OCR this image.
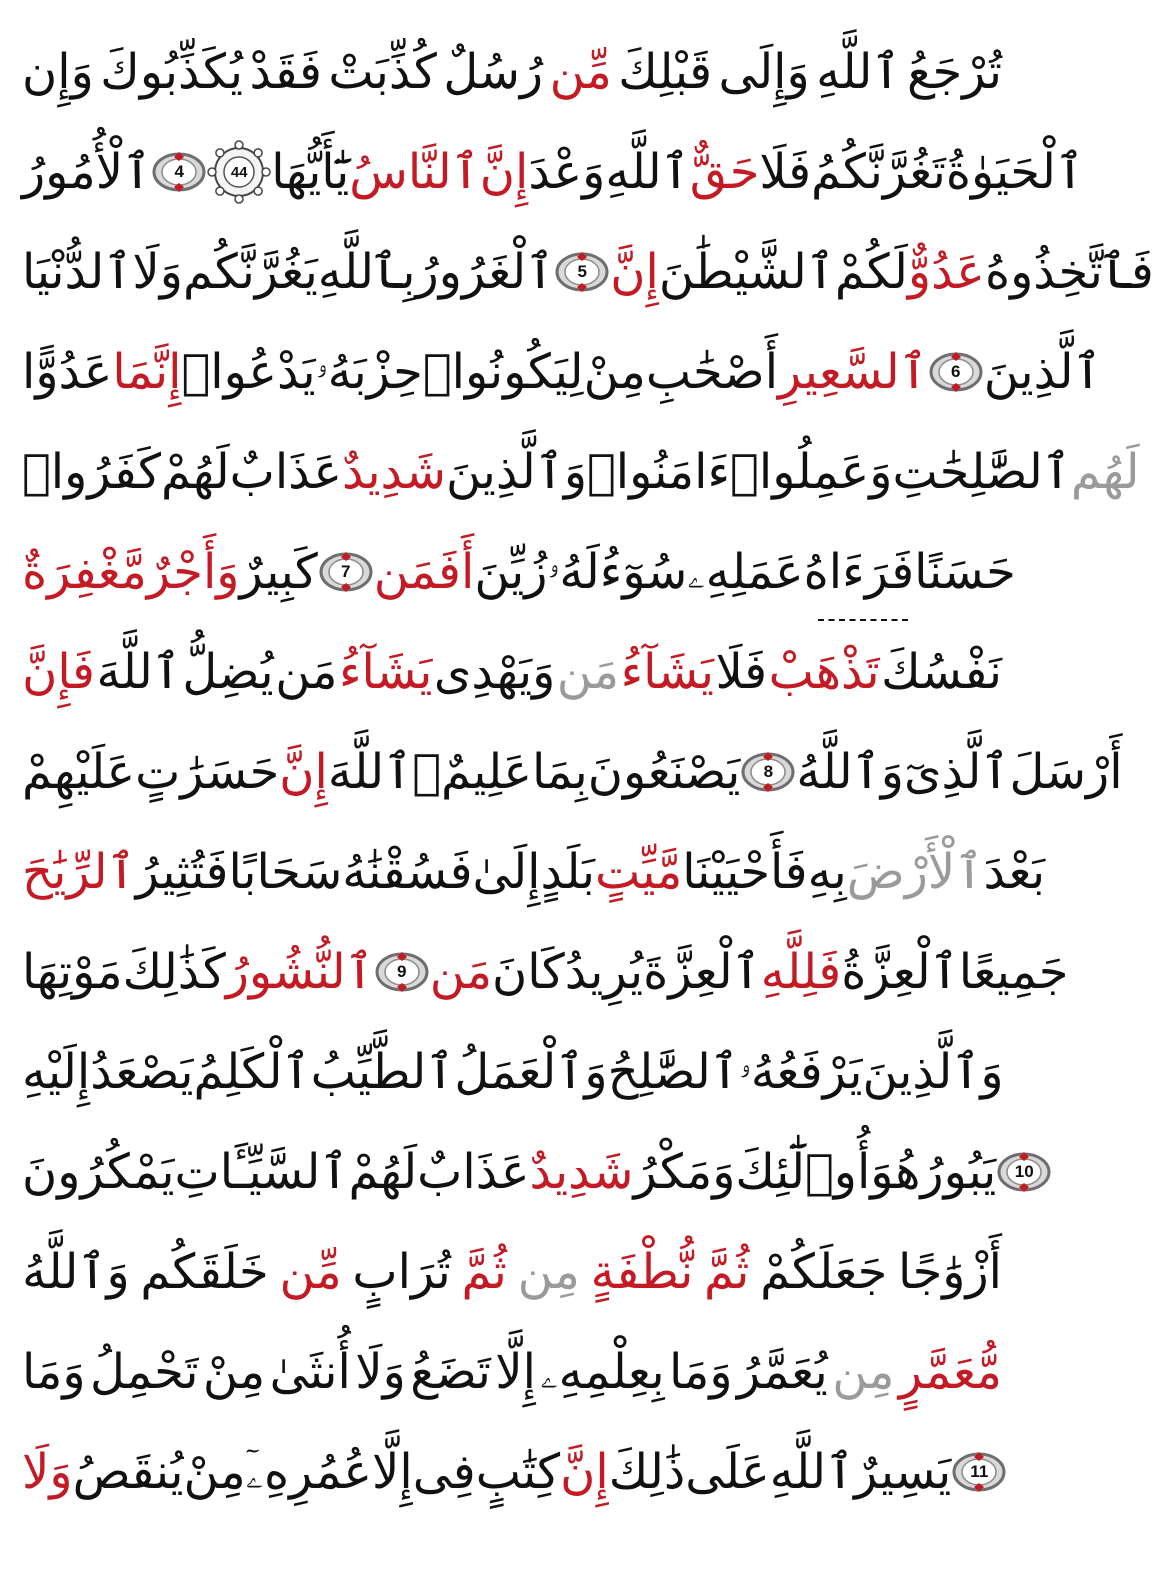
وَإِن يُكَذِّبُوكَ فَقَدْ كُذِّبَتْ رُسُلٌ مِّن قَبْلِكَ وَإِلَى ٱللَّهِ تُرْجَعُ
ٱلْأُمُورُ	4	44 يَٰٓأَيُّهَا ٱلنَّاسُ إِنَّ وَعْدَ ٱللَّهِ حَقٌّ فَلَا تَغُرَّنَّكُمُ ٱلْحَيَوٰةُ
ٱلدُّنْيَا وَلَا يَغُرَّنَّكُم بِٱللَّهِ ٱلْغَرُورُ	5 إِنَّ ٱلشَّيْطَٰنَ لَكُمْ عَدُوٌّ فَٱتَّخِذُوهُ
عَدُوًّا إِنَّمَا يَدْعُوا۟ حِزْبَهُۥ لِيَكُونُوا۟ مِنْ أَصْحَٰبِ ٱلسَّعِيرِ	6 ٱلَّذِينَ
كَفَرُوا۟ لَهُمْ عَذَابٌ شَدِيدٌ وَٱلَّذِينَ ءَامَنُوا۟ وَعَمِلُوا۟ ٱلصَّٰلِحَٰتِ لَهُم
مَّغْفِرَةٌ وَأَجْرٌ كَبِيرٌ	7 أَفَمَن زُيِّنَ لَهُۥ سُوٓءُ عَمَلِهِۦ فَرَءَاهُ حَسَنًا
فَإِنَّ ٱللَّهَ يُضِلُّ مَن يَشَآءُ وَيَهْدِى مَن يَشَآءُ فَلَا تَذْهَبْ نَفْسُكَ
عَلَيْهِمْ حَسَرَٰتٍ إِنَّ ٱللَّهَ عَلِيمٌۢ بِمَا يَصْنَعُونَ	8 وَٱللَّهُ ٱلَّذِىٓ أَرْسَلَ
ٱلرِّيَٰحَ فَتُثِيرُ سَحَابًا فَسُقْنَٰهُ إِلَىٰ بَلَدٍ مَّيِّتٍ فَأَحْيَيْنَا بِهِ ٱلْأَرْضَ بَعْدَ
مَوْتِهَا كَذَٰلِكَ ٱلنُّشُورُ	9 مَن كَانَ يُرِيدُ ٱلْعِزَّةَ فَلِلَّهِ ٱلْعِزَّةُ جَمِيعًا
إِلَيْهِ يَصْعَدُ ٱلْكَلِمُ ٱلطَّيِّبُ وَٱلْعَمَلُ ٱلصَّٰلِحُ يَرْفَعُهُۥ وَٱلَّذِينَ
يَمْكُرُونَ ٱلسَّيِّـَٔاتِ لَهُمْ عَذَابٌ شَدِيدٌ وَمَكْرُ أُو۟لَٰٓئِكَ هُوَ يَبُورُ	10
وَٱللَّهُ خَلَقَكُم مِّن تُرَابٍ ثُمَّ مِن نُّطْفَةٍ ثُمَّ جَعَلَكُمْ أَزْوَٰجًا
وَمَا تَحْمِلُ مِنْ أُنثَىٰ وَلَا تَضَعُ إِلَّا بِعِلْمِهِۦ وَمَا يُعَمَّرُ مِن مُّعَمَّرٍ
وَلَا يُنقَصُ مِنْ عُمُرِهِۦٓ إِلَّا فِى كِتَٰبٍ إِنَّ ذَٰلِكَ عَلَى ٱللَّهِ يَسِيرٌ	11
